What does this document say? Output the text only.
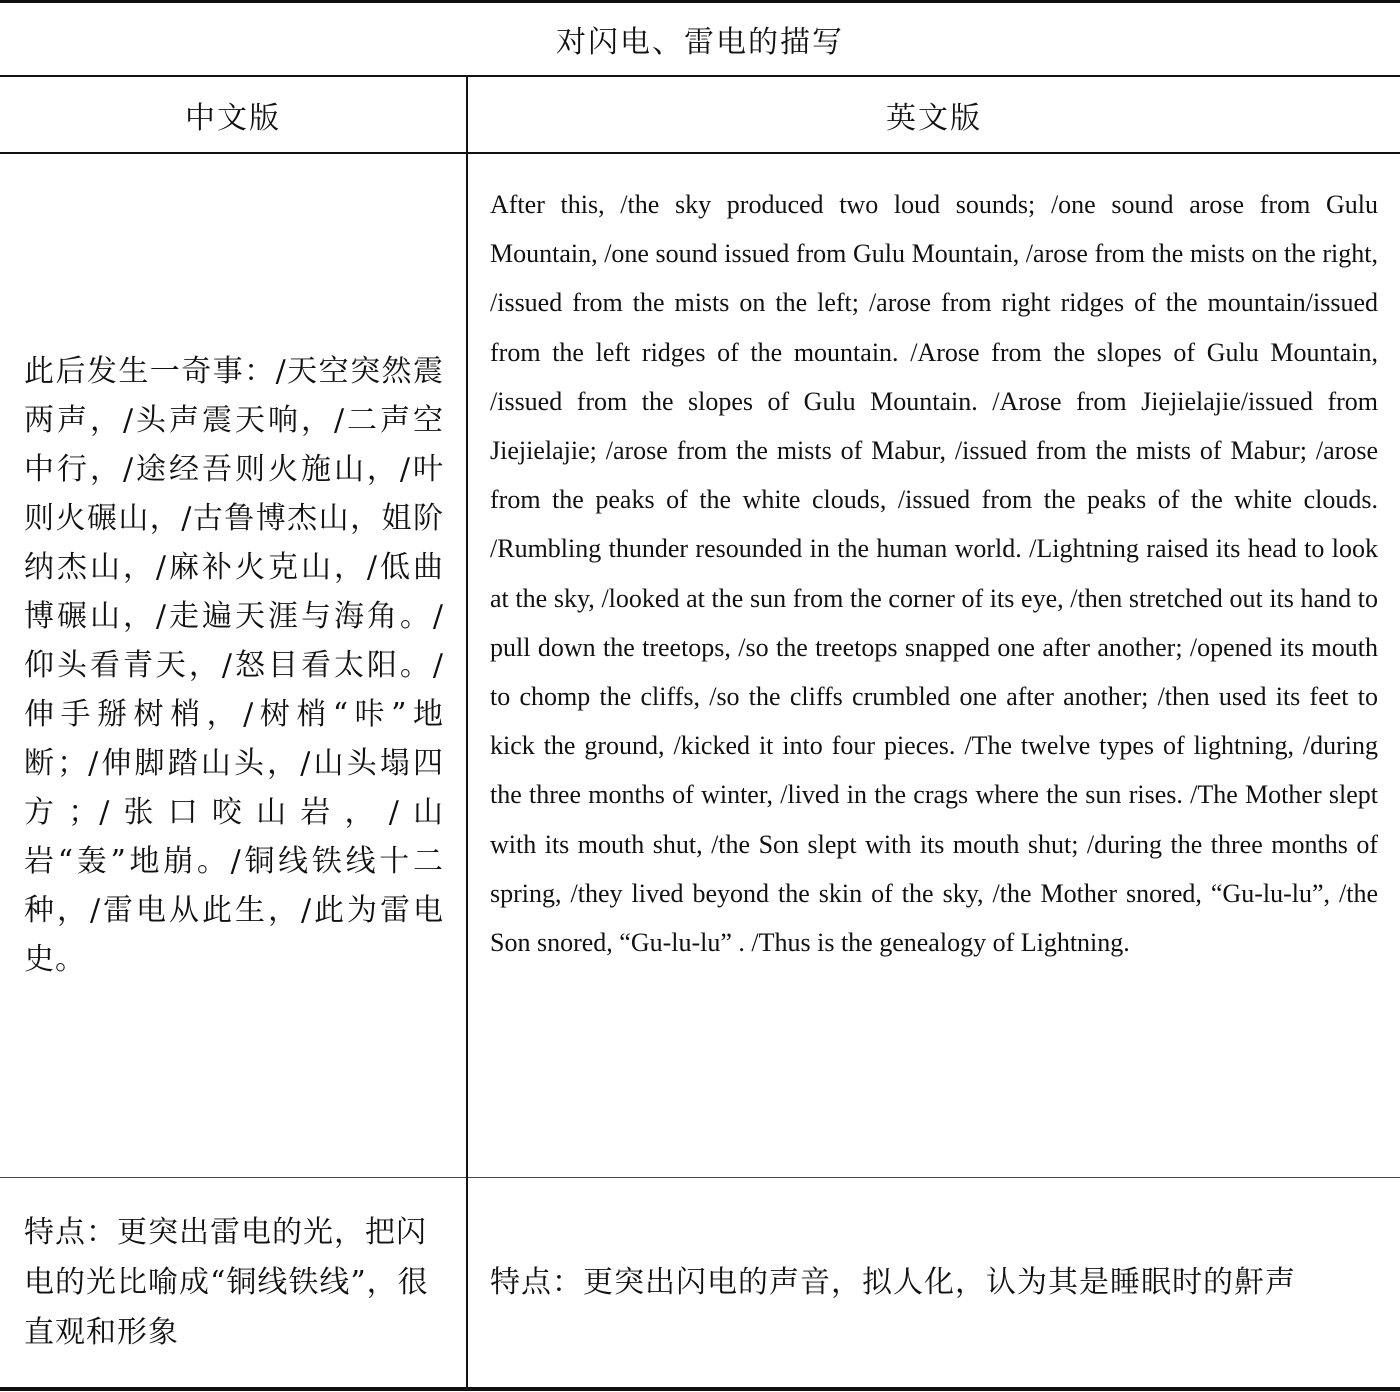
对闪电、雷电的描写
中文版	英文版

此后发生一奇事：/天空突然震两声，/头声震天响，/二声空中行，/途经吾则火施山，/叶则火碾山，/古鲁博杰山，姐阶纳杰山，/麻补火克山，/低曲博碾山，/走遍天涯与海角。/仰头看青天，/怒目看太阳。/伸手掰树梢，/树梢“咔”地断；/伸脚踏山头，/山头塌四方；/张口咬山岩，/山岩“轰”地崩。/铜线铁线十二种，/雷电从此生，/此为雷电史。

After this, /the sky produced two loud sounds; /one sound arose from Gulu Mountain, /one sound issued from Gulu Mountain, /arose from the mists on the right, /issued from the mists on the left; /arose from right ridges of the mountain/issued from the left ridges of the mountain. /Arose from the slopes of Gulu Mountain, /issued from the slopes of Gulu Mountain. /Arose from Jiejielajie/issued from Jiejielajie; /arose from the mists of Mabur, /issued from the mists of Mabur; /arose from the peaks of the white clouds, /issued from the peaks of the white clouds. /Rumbling thunder resounded in the human world. /Lightning raised its head to look at the sky, /looked at the sun from the corner of its eye, /then stretched out its hand to pull down the treetops, /so the treetops snapped one after another; /opened its mouth to chomp the cliffs, /so the cliffs crumbled one after another; /then used its feet to kick the ground, /kicked it into four pieces. /The twelve types of lightning, /during the three months of winter, /lived in the crags where the sun rises. /The Mother slept with its mouth shut, /the Son slept with its mouth shut; /during the three months of spring, /they lived beyond the skin of the sky, /the Mother snored, “Gu-lu-lu”, /the Son snored, “Gu-lu-lu” . /Thus is the genealogy of Lightning.

特点：更突出雷电的光，把闪电的光比喻成“铜线铁线”，很直观和形象

特点：更突出闪电的声音，拟人化，认为其是睡眠时的鼾声
